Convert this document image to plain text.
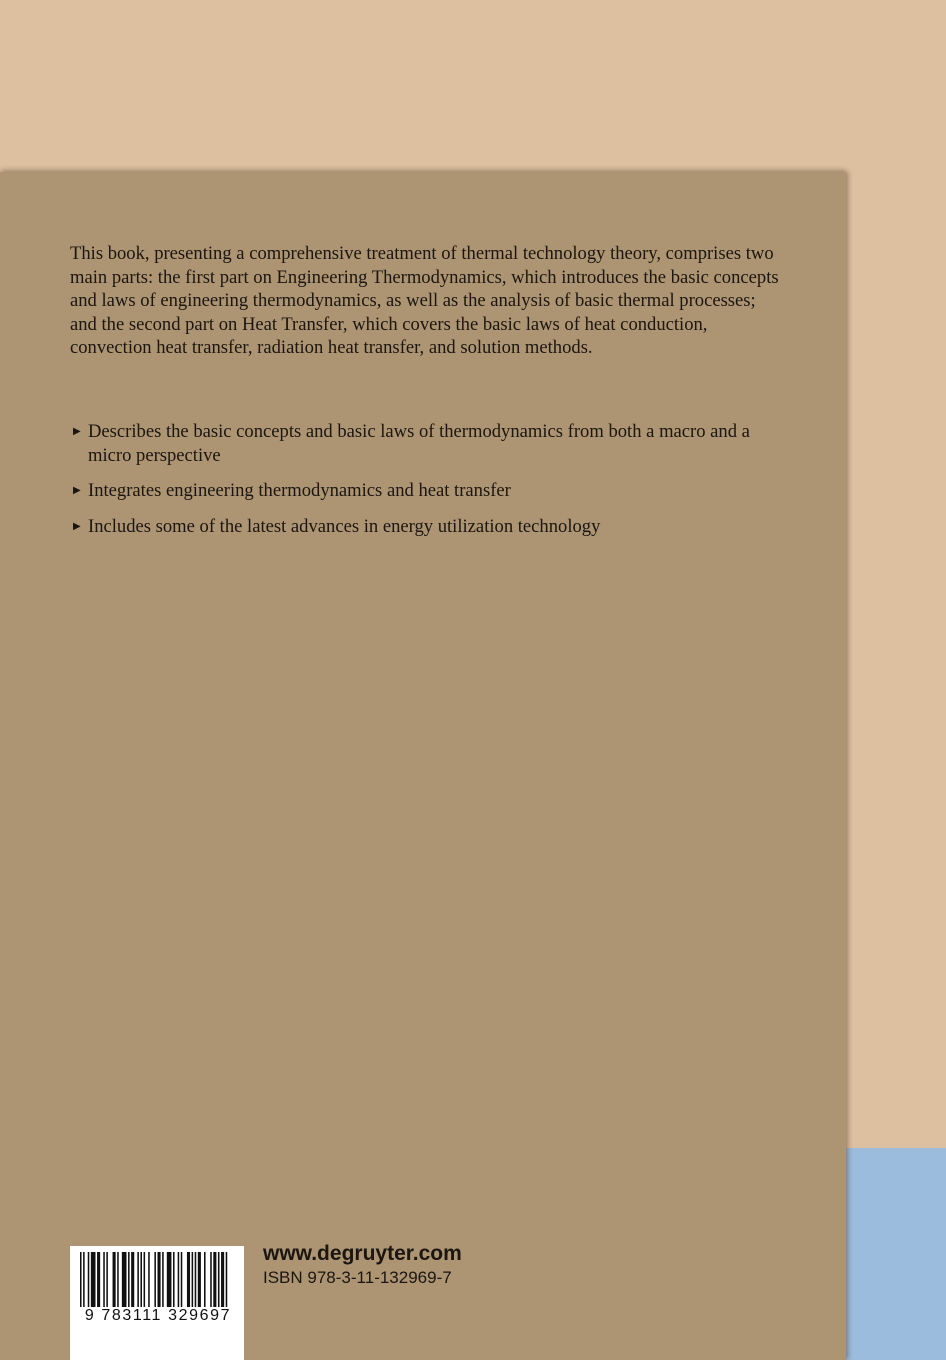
This book, presenting a comprehensive treatment of thermal technology theory, comprises two main parts: the first part on Engineering Thermodynamics, which introduces the basic concepts and laws of engineering thermodynamics, as well as the analysis of basic thermal processes; and the second part on Heat Transfer, which covers the basic laws of heat conduction, convection heat transfer, radiation heat transfer, and solution methods.

▶ Describes the basic concepts and basic laws of thermodynamics from both a macro and a micro perspective
▶ Integrates engineering thermodynamics and heat transfer
▶ Includes some of the latest advances in energy utilization technology
9 783111 329697
www.degruyter.com
ISBN 978-3-11-132969-7
